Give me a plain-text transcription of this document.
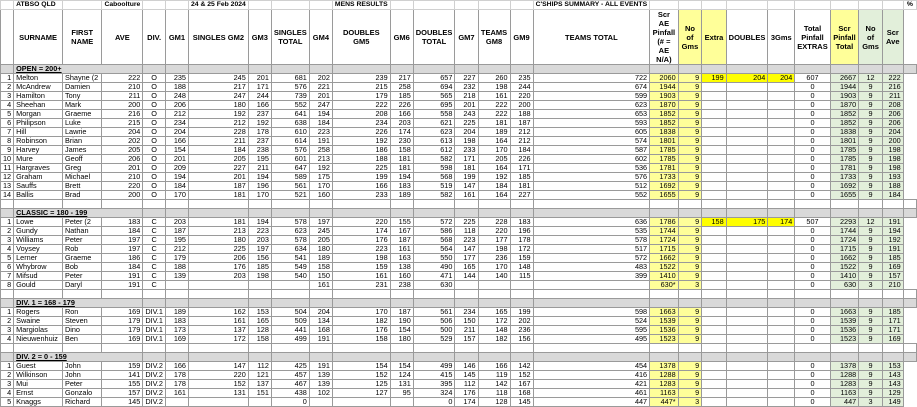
	ATBSO QLD		Caboolture			24 & 25 Feb 2024				MENS RESULTS						C'SHIPS SUMMARY - ALL EVENTS										%
	SURNAME	FIRST NAME	AVE	DIV.	GM1	SINGLES GM2	GM3	SINGLES TOTAL	GM4	DOUBLES GM5	GM6	DOUBLES TOTAL	GM7	TEAMS GM8	GM9	TEAMS TOTAL	Scr AE Pinfall (# = AE N/A)	No of Gms	Extra	DOUBLES	3Gms	Total Pinfall EXTRAS	Scr Pinfall Total	No of Gms	Scr Ave	
	OPEN = 200+																									
1	Melton	Shayne (2	222	O	235	245	201	681	202	239	217	657	227	260	235	722	2060	9	199	204	204	607	2667	12	222	
2	McAndrew	Damien	210	O	188	217	171	576	221	215	258	694	232	198	244	674	1944	9				0	1944	9	216	
3	Hamilton	Tony	211	O	248	247	244	739	201	179	185	565	218	161	220	599	1903	9				0	1903	9	211	
4	Sheehan	Mark	200	O	206	180	166	552	247	222	226	695	201	222	200	623	1870	9				0	1870	9	208	
5	Morgan	Graeme	216	O	212	192	237	641	194	208	166	558	243	222	188	653	1852	9				0	1852	9	206	
6	Philipson	Luke	215	O	234	212	192	638	184	234	203	621	225	181	187	593	1852	9				0	1852	9	206	
7	Hill	Lawrie	204	O	204	228	178	610	223	226	174	623	204	189	212	605	1838	9				0	1838	9	204	
8	Robinson	Brian	202	O	166	211	237	614	191	192	230	613	198	164	212	574	1801	9				0	1801	9	200	
9	Harvey	James	205	O	154	184	238	576	258	186	158	612	233	170	184	587	1785	9				0	1785	9	198	
10	Mure	Geoff	206	O	201	205	195	601	213	188	181	582	171	205	226	602	1785	9				0	1785	9	198	
11	Hargraves	Greg	201	O	209	227	211	647	192	225	181	598	181	164	171	536	1781	9				0	1781	9	198	
12	Graham	Michael	210	O	194	201	194	589	175	199	194	568	199	192	185	576	1733	9				0	1733	9	193	
13	Sauffs	Brett	220	O	184	187	196	561	170	166	183	519	147	184	181	512	1692	9				0	1692	9	188	
14	Ballis	Brad	200	O	170	181	170	521	160	233	189	582	161	164	227	552	1655	9				0	1655	9	184	

	CLASSIC = 180 - 199																									
1	Lowe	Peter (2	183	C	203	181	194	578	197	220	155	572	225	228	183	636	1786	9	158	175	174	507	2293	12	191	
2	Gundy	Nathan	184	C	187	213	223	623	245	174	167	586	118	220	196	535	1744	9				0	1744	9	194	
3	Williams	Peter	197	C	195	180	203	578	205	176	187	568	223	177	178	578	1724	9				0	1724	9	192	
4	Voysey	Rob	197	C	212	225	197	634	180	223	161	564	147	198	172	517	1715	9				0	1715	9	191	
5	Lerner	Graeme	186	C	179	206	156	541	189	198	163	550	177	236	159	572	1662	9				0	1662	9	185	
6	Whybrow	Bob	184	C	188	176	185	549	158	159	138	490	165	170	148	483	1522	9				0	1522	9	169	
7	Mifsud	Peter	191	C	139	203	198	540	150	161	160	471	144	140	115	399	1410	9				0	1410	9	157	
8	Gould	Daryl	191	C					161	231	238	630					630*	3				0	630	3	210	

	DIV. 1 = 168 - 179																									
1	Rogers	Ron	169	DIV.1	189	162	153	504	204	170	187	561	234	165	199	598	1663	9				0	1663	9	185	
2	Swaine	Steven	179	DIV.1	183	161	165	509	134	182	190	506	150	172	202	524	1539	9				0	1539	9	171	
3	Margiolas	Dino	179	DIV.1	173	137	128	441	168	176	154	500	211	148	236	595	1536	9				0	1536	9	171	
4	Nieuwenhuiz	Ben	169	DIV.1	169	172	158	499	191	158	180	529	157	182	156	495	1523	9				0	1523	9	169	

	DIV. 2 = 0 - 159																									
1	Guest	John	159	DIV.2	166	147	112	425	191	154	154	499	146	166	142	454	1378	9				0	1378	9	153	
2	Wilkinson	John	141	DIV.2	178	220	121	457	139	152	124	415	145	119	152	416	1288	9				0	1288	9	143	
3	Mui	Peter	155	DIV.2	178	152	137	467	139	125	131	395	112	142	167	421	1283	9				0	1283	9	143	
4	Ernst	Gonzalo	157	DIV.2	161	131	151	438	102	127	95	324	176	118	168	461	1163	9				0	1163	9	129	
5	Knaggs	Richard	145	DIV.2				0				0	174	128	145	447	447*	3				0	447	3	149	
